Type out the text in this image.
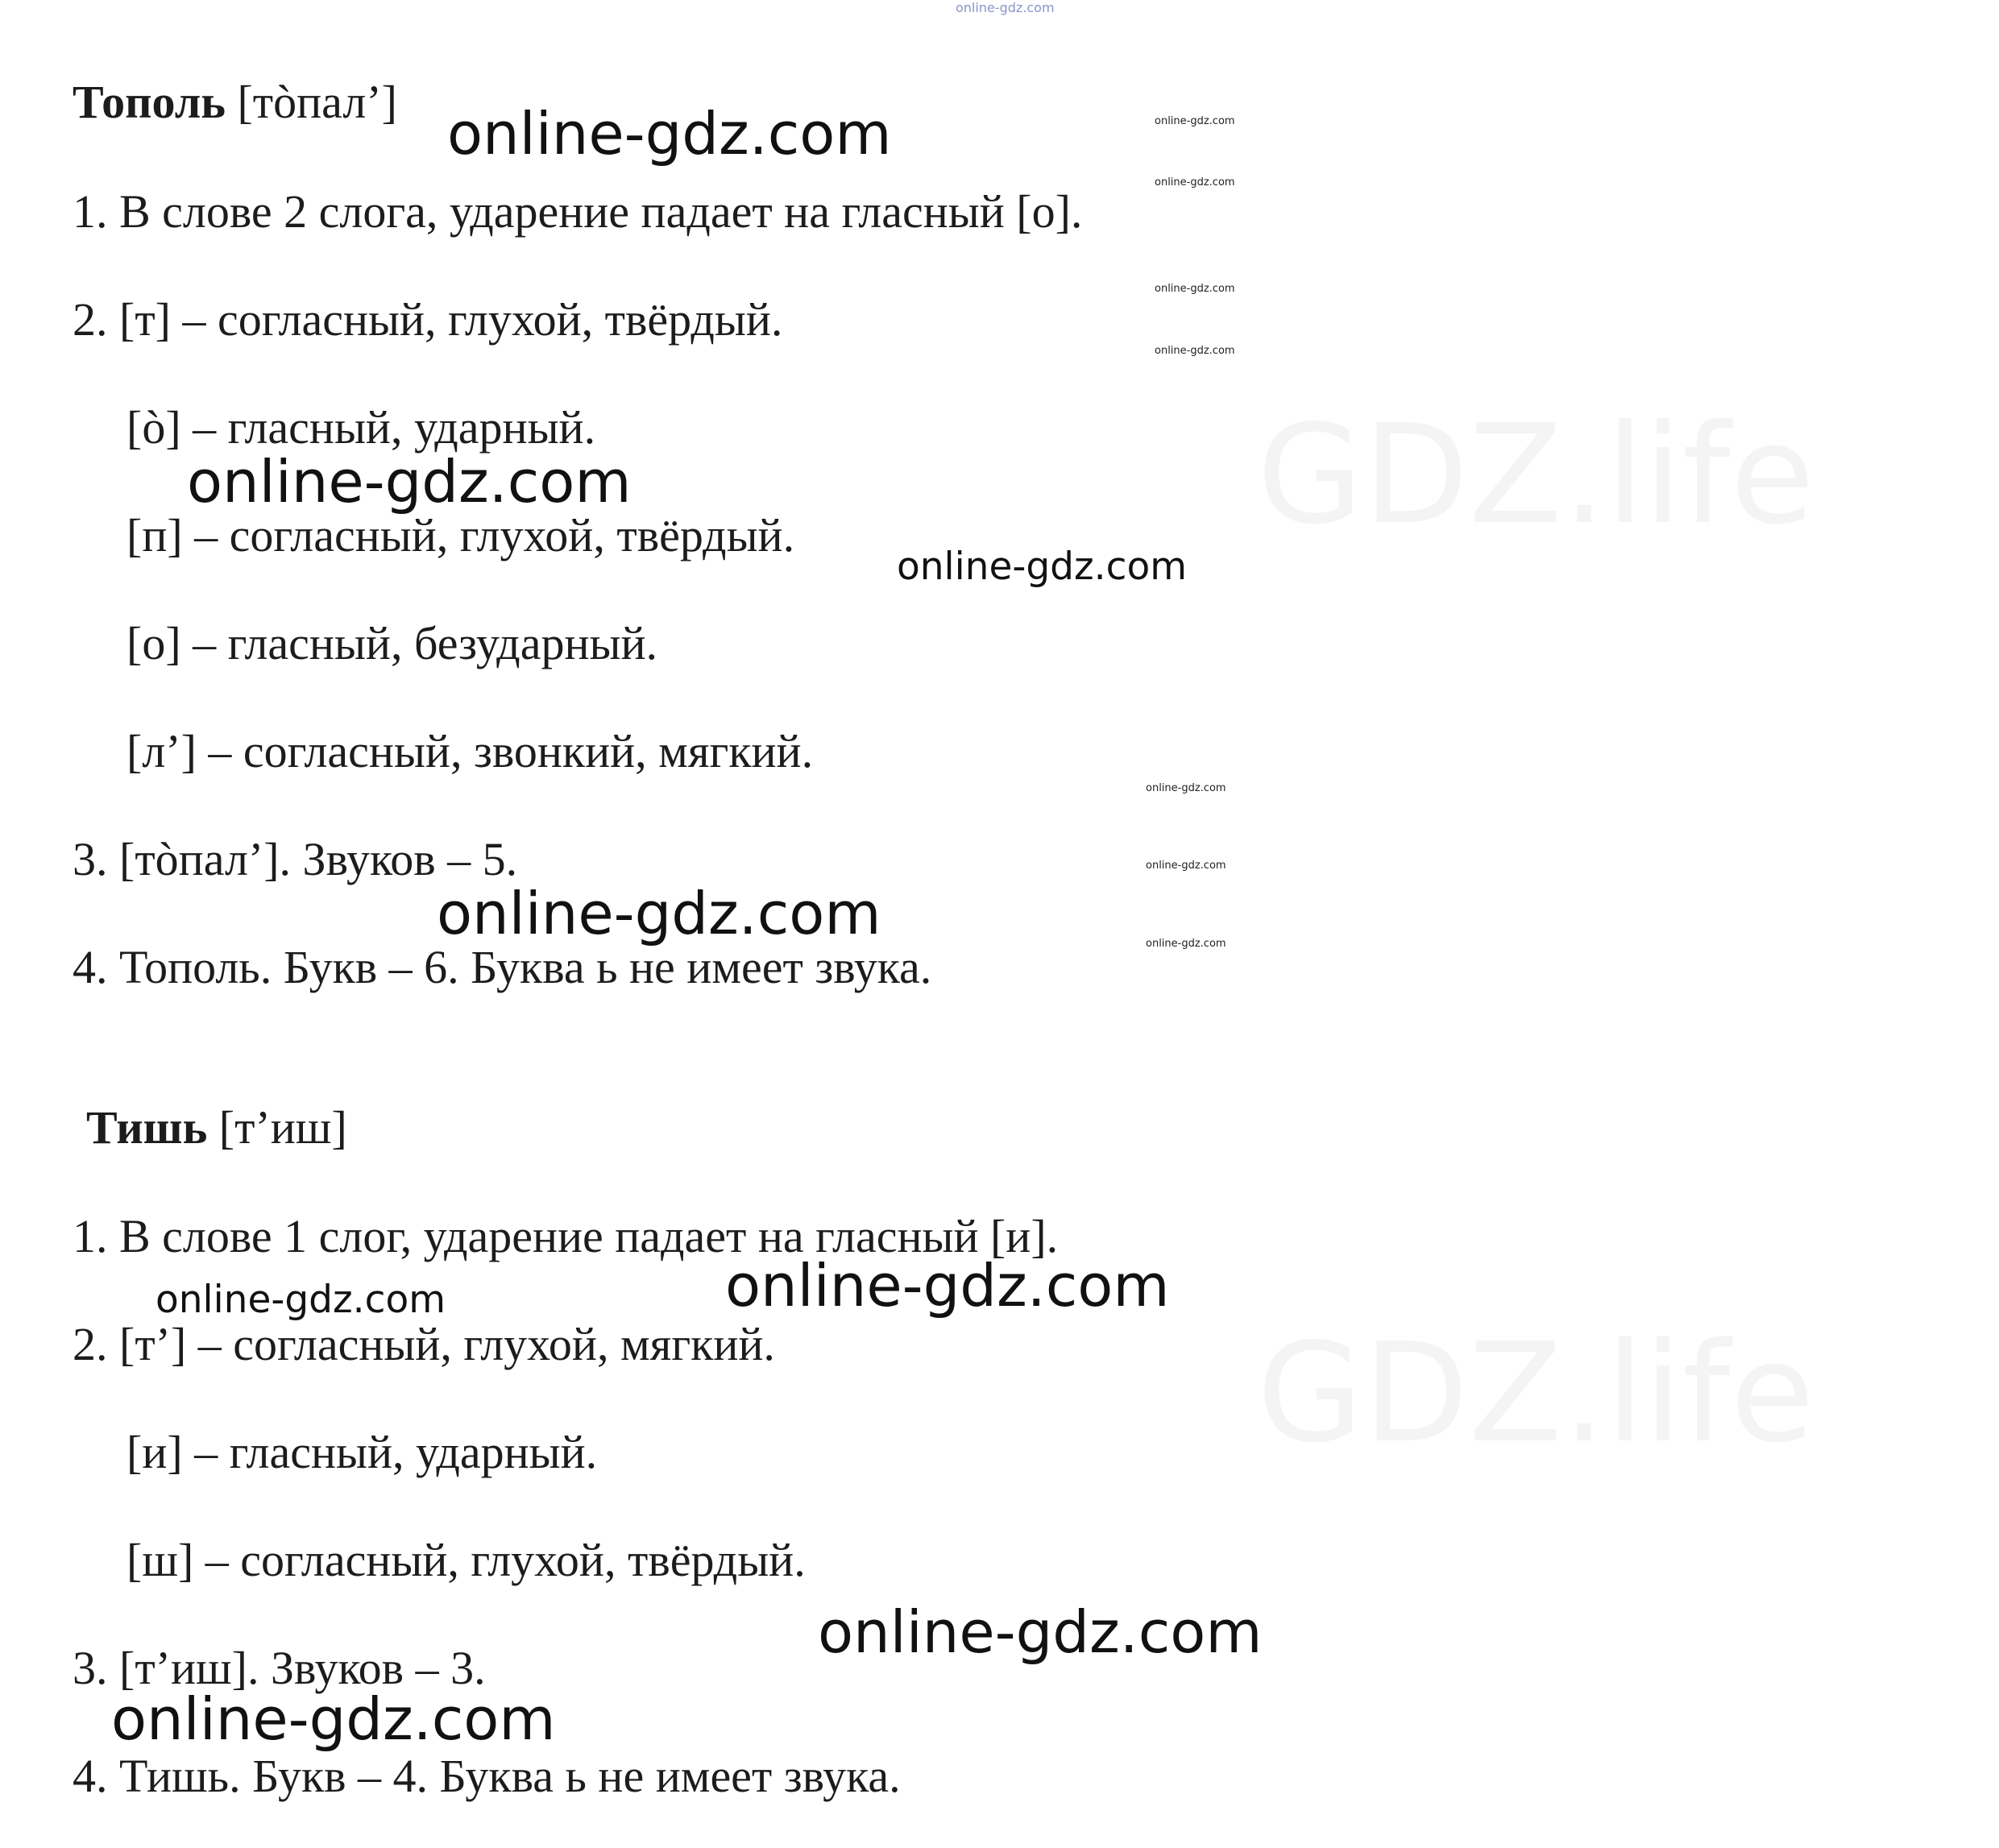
GDZ.life
GDZ.life
online-gdz.com
Тополь [тòпал’]
1. В слове 2 слога, ударение падает на гласный [о].
2. [т] – согласный, глухой, твёрдый.
[ò] – гласный, ударный.
[п] – согласный, глухой, твёрдый.
[о] – гласный, безударный.
[л’] – согласный, звонкий, мягкий.
3. [тòпал’]. Звуков – 5.
4. Тополь. Букв – 6. Буква ь не имеет звука.
Тишь [т’иш]
1. В слове 1 слог, ударение падает на гласный [и].
2. [т’] – согласный, глухой, мягкий.
[и] – гласный, ударный.
[ш] – согласный, глухой, твёрдый.
3. [т’иш]. Звуков – 3.
4. Тишь. Букв – 4. Буква ь не имеет звука.
online-gdz.com
online-gdz.com
online-gdz.com
online-gdz.com
online-gdz.com
online-gdz.com
online-gdz.com
online-gdz.com
online-gdz.com
online-gdz.com
online-gdz.com
online-gdz.com
online-gdz.com
online-gdz.com
online-gdz.com
